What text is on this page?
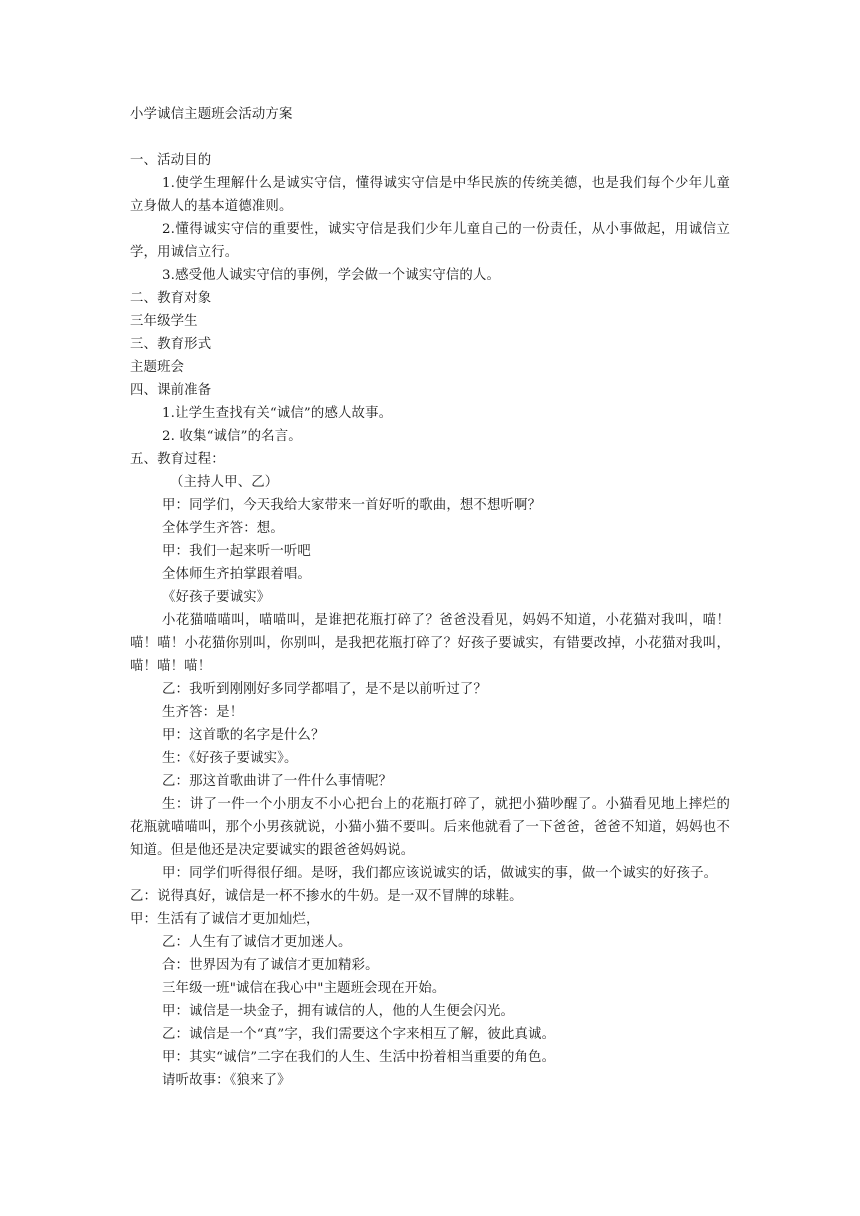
小学诚信主题班会活动方案

一、活动目的

1.使学生理解什么是诚实守信，懂得诚实守信是中华民族的传统美德，也是我们每个少年儿童立身做人的基本道德准则。

2.懂得诚实守信的重要性，诚实守信是我们少年儿童自己的一份责任，从小事做起，用诚信立学，用诚信立行。

3.感受他人诚实守信的事例，学会做一个诚实守信的人。

二、教育对象

三年级学生

三、教育形式

主题班会

四、课前准备

1.让学生查找有关“诚信”的感人故事。

2. 收集“诚信”的名言。

五、教育过程：

（主持人甲、乙）

甲：同学们，今天我给大家带来一首好听的歌曲，想不想听啊？

全体学生齐答：想。

甲：我们一起来听一听吧

全体师生齐拍掌跟着唱。

《好孩子要诚实》

小花猫喵喵叫，喵喵叫，是谁把花瓶打碎了？爸爸没看见，妈妈不知道，小花猫对我叫，喵！喵！喵！小花猫你别叫，你别叫，是我把花瓶打碎了？好孩子要诚实，有错要改掉，小花猫对我叫，喵！喵！喵！

乙：我听到刚刚好多同学都唱了，是不是以前听过了？

生齐答：是！

甲：这首歌的名字是什么？

生：《好孩子要诚实》。

乙：那这首歌曲讲了一件什么事情呢？

生：讲了一件一个小朋友不小心把台上的花瓶打碎了，就把小猫吵醒了。小猫看见地上摔烂的花瓶就喵喵叫，那个小男孩就说，小猫小猫不要叫。后来他就看了一下爸爸，爸爸不知道，妈妈也不知道。但是他还是决定要诚实的跟爸爸妈妈说。

甲：同学们听得很仔细。是呀，我们都应该说诚实的话，做诚实的事，做一个诚实的好孩子。

乙：说得真好，诚信是一杯不掺水的牛奶。是一双不冒牌的球鞋。

甲：生活有了诚信才更加灿烂，

乙：人生有了诚信才更加迷人。

合：世界因为有了诚信才更加精彩。

三年级一班"诚信在我心中"主题班会现在开始。

甲：诚信是一块金子，拥有诚信的人，他的人生便会闪光。

乙：诚信是一个“真”字，我们需要这个字来相互了解，彼此真诚。

甲：其实“诚信”二字在我们的人生、生活中扮着相当重要的角色。

请听故事：《狼来了》
